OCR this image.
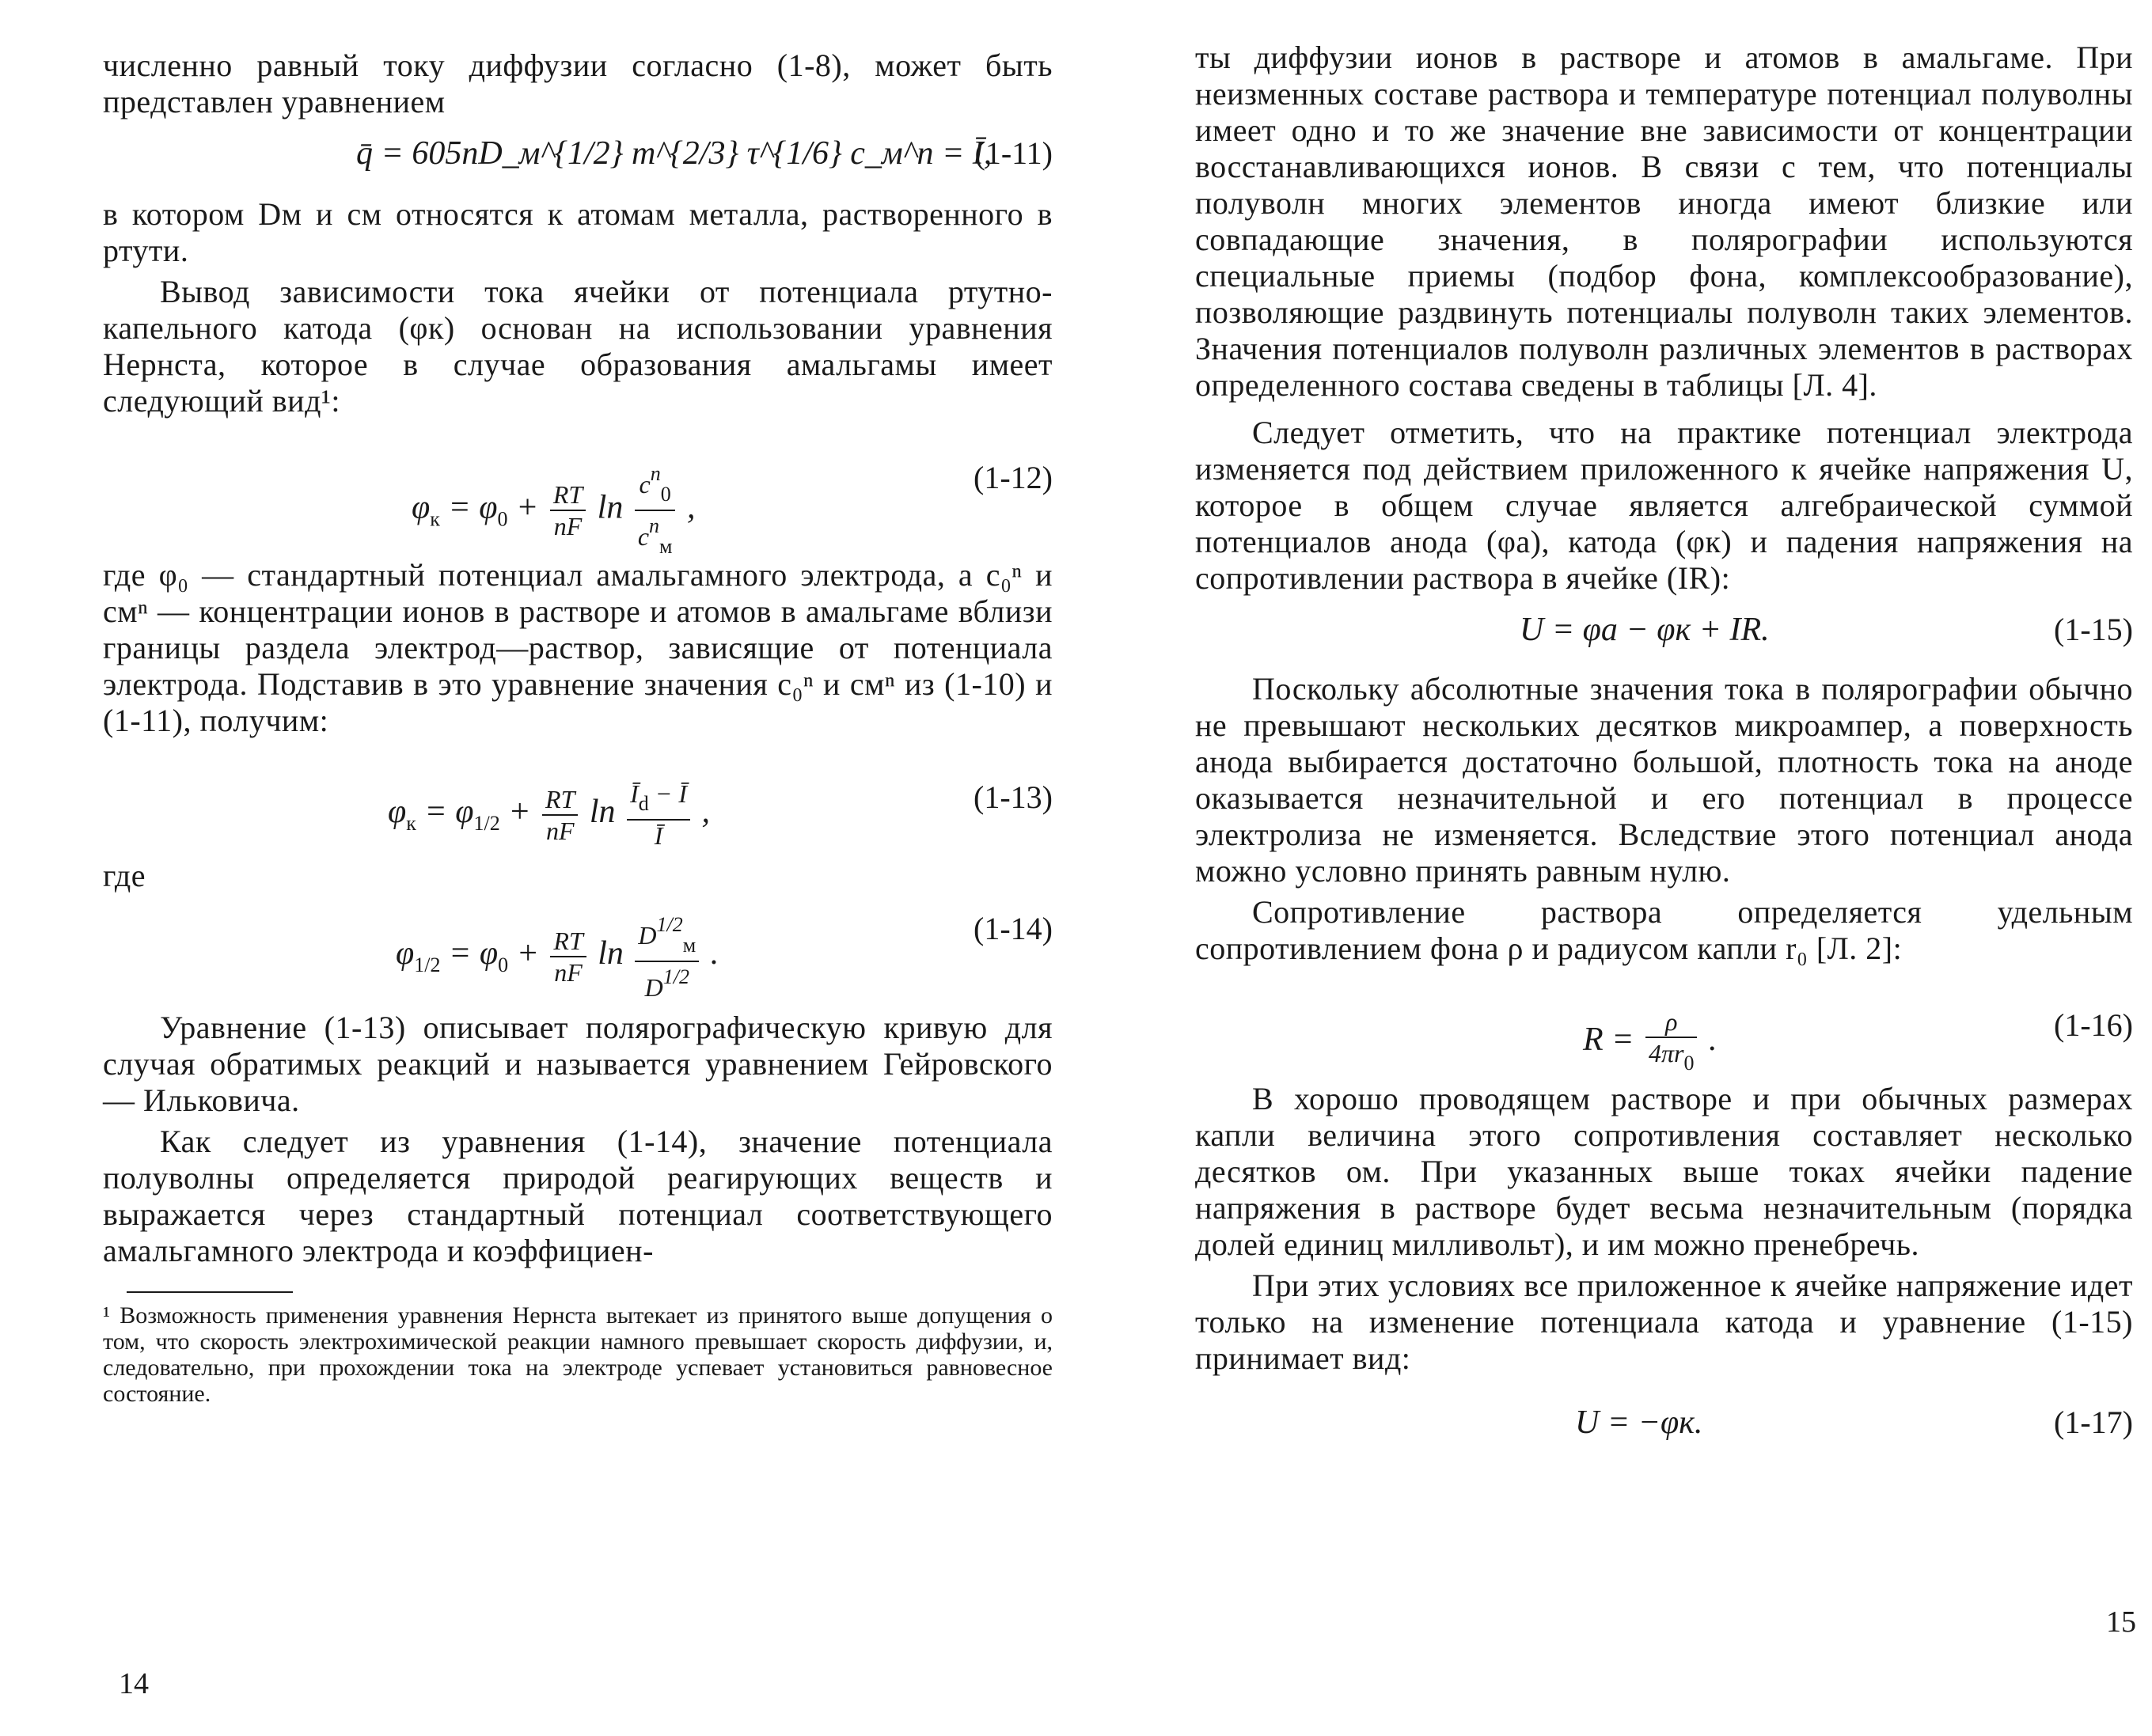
численно равный току диффузии согласно (1-8), может быть представлен уравнением

q̄ = 605nD_м^{1/2} m^{2/3} τ^{1/6} c_м^n = Ī,
(1-11)

в котором Dм и cм относятся к атомам металла, растворенного в ртути.

Вывод зависимости тока ячейки от потенциала ртутно-капельного катода (φк) основан на использовании уравнения Нернста, которое в случае образования амальгамы имеет следующий вид¹:

$\varphi_к = \varphi_0 + \frac{RT}{nF}$ $\ln \frac{c^n_0}{c^n_м}$ ,
(1-12)

где φ₀ — стандартный потенциал амальгамного электрода, а c₀ⁿ и cмⁿ — концентрации ионов в растворе и атомов в амальгаме вблизи границы раздела электрод—раствор, зависящие от потенциала электрода. Подставив в это уравнение значения c₀ⁿ и cмⁿ из (1-10) и (1-11), получим:

$\varphi_к = \varphi_{1/2} + \frac{RT}{nF}$ $\ln \frac{Ī_d - Ī}{Ī}$ ,	(1-13)

где

$\varphi_{1/2} = \varphi_0 + \frac{RT}{nF}$ $\ln \frac{D^{1/2}_м}{D^{1/2}}$ .
(1-14)

Уравнение (1-13) описывает полярографическую кривую для случая обратимых реакций и называется уравнением Гейровского — Ильковича.

Как следует из уравнения (1-14), значение потенциала полуволны определяется природой реагирующих веществ и выражается через стандартный потенциал соответствующего амальгамного электрода и коэффициен-

¹ Возможность применения уравнения Нернста вытекает из принятого выше допущения о том, что скорость электрохимической реакции намного превышает скорость диффузии, и, следовательно, при прохождении тока на электроде успевает установиться равновесное состояние.

14

ты диффузии ионов в растворе и атомов в амальгаме. При неизменных составе раствора и температуре потенциал полуволны имеет одно и то же значение вне зависимости от концентрации восстанавливающихся ионов. В связи с тем, что потенциалы полуволн многих элементов иногда имеют близкие или совпадающие значения, в полярографии используются специальные приемы (подбор фона, комплексообразование), позволяющие раздвинуть потенциалы полуволн таких элементов. Значения потенциалов полуволн различных элементов в растворах определенного состава сведены в таблицы [Л. 4].

Следует отметить, что на практике потенциал электрода изменяется под действием приложенного к ячейке напряжения U, которое в общем случае является алгебраической суммой потенциалов анода (φа), катода (φк) и падения напряжения на сопротивлении раствора в ячейке (IR):

U = φа − φк + IR.	(1-15)

Поскольку абсолютные значения тока в полярографии обычно не превышают нескольких десятков микроампер, а поверхность анода выбирается достаточно большой, плотность тока на аноде оказывается незначительной и его потенциал в процессе электролиза не изменяется. Вследствие этого потенциал анода можно условно принять равным нулю.

Сопротивление раствора определяется удельным сопротивлением фона ρ и радиусом капли r₀ [Л. 2]:

$R = \frac{\rho}{4\pi r_0}$ .	(1-16)

В хорошо проводящем растворе и при обычных размерах капли величина этого сопротивления составляет несколько десятков ом. При указанных выше токах ячейки падение напряжения в растворе будет весьма незначительным (порядка долей единиц милливольт), и им можно пренебречь.

При этих условиях все приложенное к ячейке напряжение идет только на изменение потенциала катода и уравнение (1-15) принимает вид:

U = −φк.	(1-17)
15
